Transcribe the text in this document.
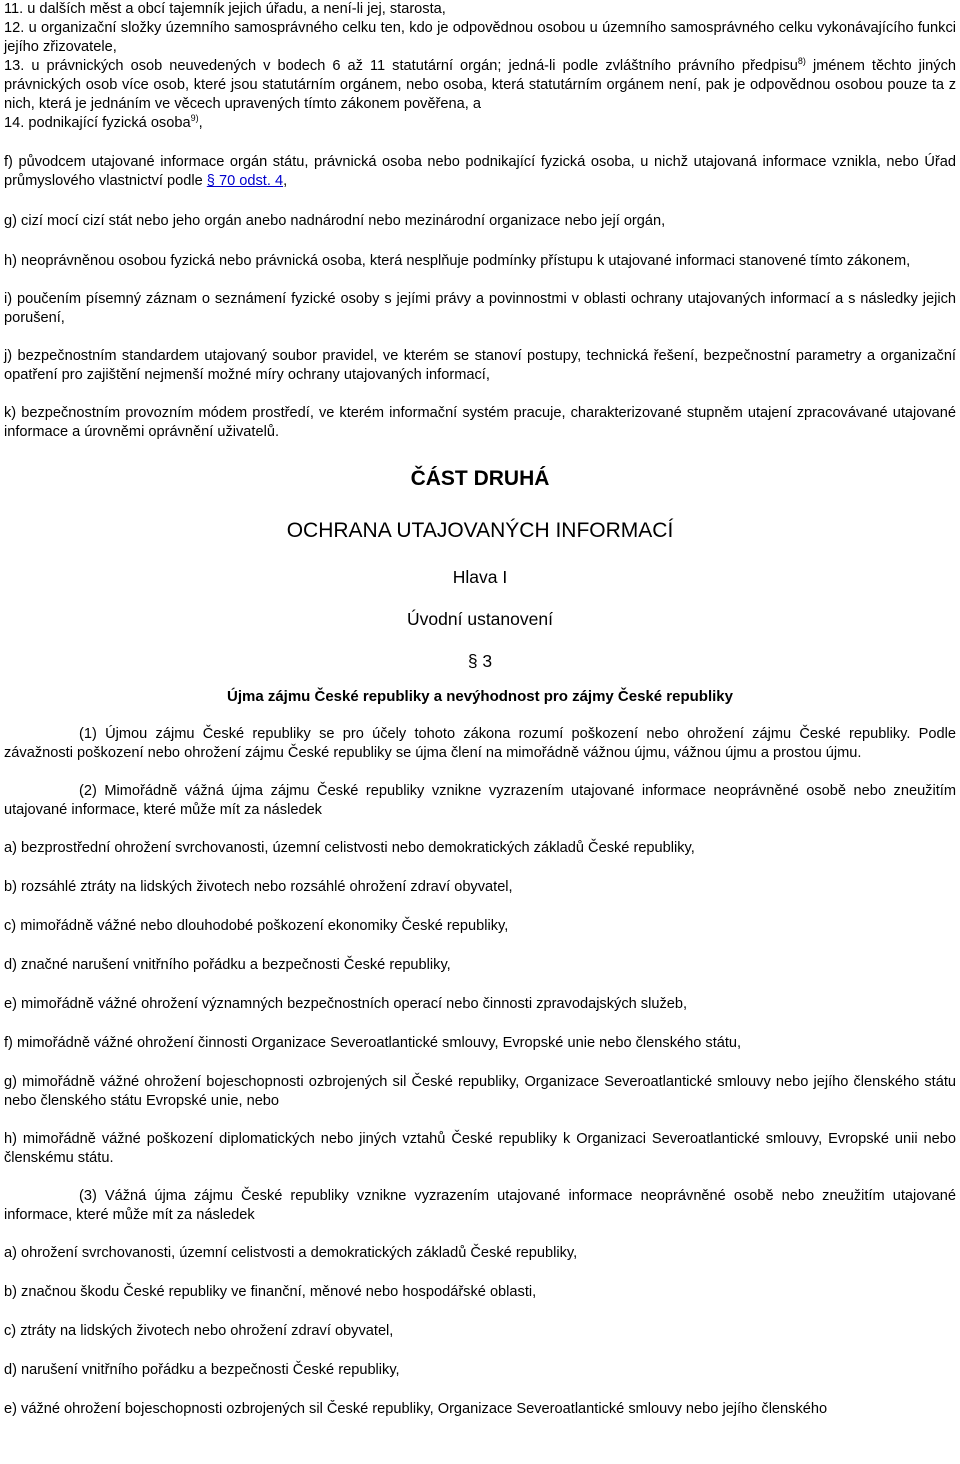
11. u dalších měst a obcí tajemník jejich úřadu, a není-li jej, starosta,

12. u organizační složky územního samosprávného celku ten, kdo je odpovědnou osobou u územního samosprávného celku vykonávajícího funkci jejího zřizovatele,

13. u právnických osob neuvedených v bodech 6 až 11 statutární orgán; jedná-li podle zvláštního právního předpisu$^{8)}$ jménem těchto jiných právnických osob více osob, které jsou statutárním orgánem, nebo osoba, která statutárním orgánem není, pak je odpovědnou osobou pouze ta z nich, která je jednáním ve věcech upravených tímto zákonem pověřena, a

14. podnikající fyzická osoba$^{9)}$,

f) původcem utajované informace orgán státu, právnická osoba nebo podnikající fyzická osoba, u nichž utajovaná informace vznikla, nebo Úřad průmyslového vlastnictví podle § 70 odst. 4,

g) cizí mocí cizí stát nebo jeho orgán anebo nadnárodní nebo mezinárodní organizace nebo její orgán,

h) neoprávněnou osobou fyzická nebo právnická osoba, která nesplňuje podmínky přístupu k utajované informaci stanovené tímto zákonem,

i) poučením písemný záznam o seznámení fyzické osoby s jejími právy a povinnostmi v oblasti ochrany utajovaných informací a s následky jejich porušení,

j) bezpečnostním standardem utajovaný soubor pravidel, ve kterém se stanoví postupy, technická řešení, bezpečnostní parametry a organizační opatření pro zajištění nejmenší možné míry ochrany utajovaných informací,

k) bezpečnostním provozním módem prostředí, ve kterém informační systém pracuje, charakterizované stupněm utajení zpracovávané utajované informace a úrovněmi oprávnění uživatelů.

ČÁST DRUHÁ
OCHRANA UTAJOVANÝCH INFORMACÍ
Hlava I
Úvodní ustanovení
§ 3
Újma zájmu České republiky a nevýhodnost pro zájmy České republiky

(1) Újmou zájmu České republiky se pro účely tohoto zákona rozumí poškození nebo ohrožení zájmu České republiky. Podle závažnosti poškození nebo ohrožení zájmu České republiky se újma člení na mimořádně vážnou újmu, vážnou újmu a prostou újmu.

(2) Mimořádně vážná újma zájmu České republiky vznikne vyzrazením utajované informace neoprávněné osobě nebo zneužitím utajované informace, které může mít za následek

a) bezprostřední ohrožení svrchovanosti, územní celistvosti nebo demokratických základů České republiky,

b) rozsáhlé ztráty na lidských životech nebo rozsáhlé ohrožení zdraví obyvatel,

c) mimořádně vážné nebo dlouhodobé poškození ekonomiky České republiky,

d) značné narušení vnitřního pořádku a bezpečnosti České republiky,

e) mimořádně vážné ohrožení významných bezpečnostních operací nebo činnosti zpravodajských služeb,

f) mimořádně vážné ohrožení činnosti Organizace Severoatlantické smlouvy, Evropské unie nebo členského státu,

g) mimořádně vážné ohrožení bojeschopnosti ozbrojených sil České republiky, Organizace Severoatlantické smlouvy nebo jejího členského státu nebo členského státu Evropské unie, nebo

h) mimořádně vážné poškození diplomatických nebo jiných vztahů České republiky k Organizaci Severoatlantické smlouvy, Evropské unii nebo členskému státu.

(3) Vážná újma zájmu České republiky vznikne vyzrazením utajované informace neoprávněné osobě nebo zneužitím utajované informace, které může mít za následek

a) ohrožení svrchovanosti, územní celistvosti a demokratických základů České republiky,

b) značnou škodu České republiky ve finanční, měnové nebo hospodářské oblasti,

c) ztráty na lidských životech nebo ohrožení zdraví obyvatel,

d) narušení vnitřního pořádku a bezpečnosti České republiky,

e) vážné ohrožení bojeschopnosti ozbrojených sil České republiky, Organizace Severoatlantické smlouvy nebo jejího členského
